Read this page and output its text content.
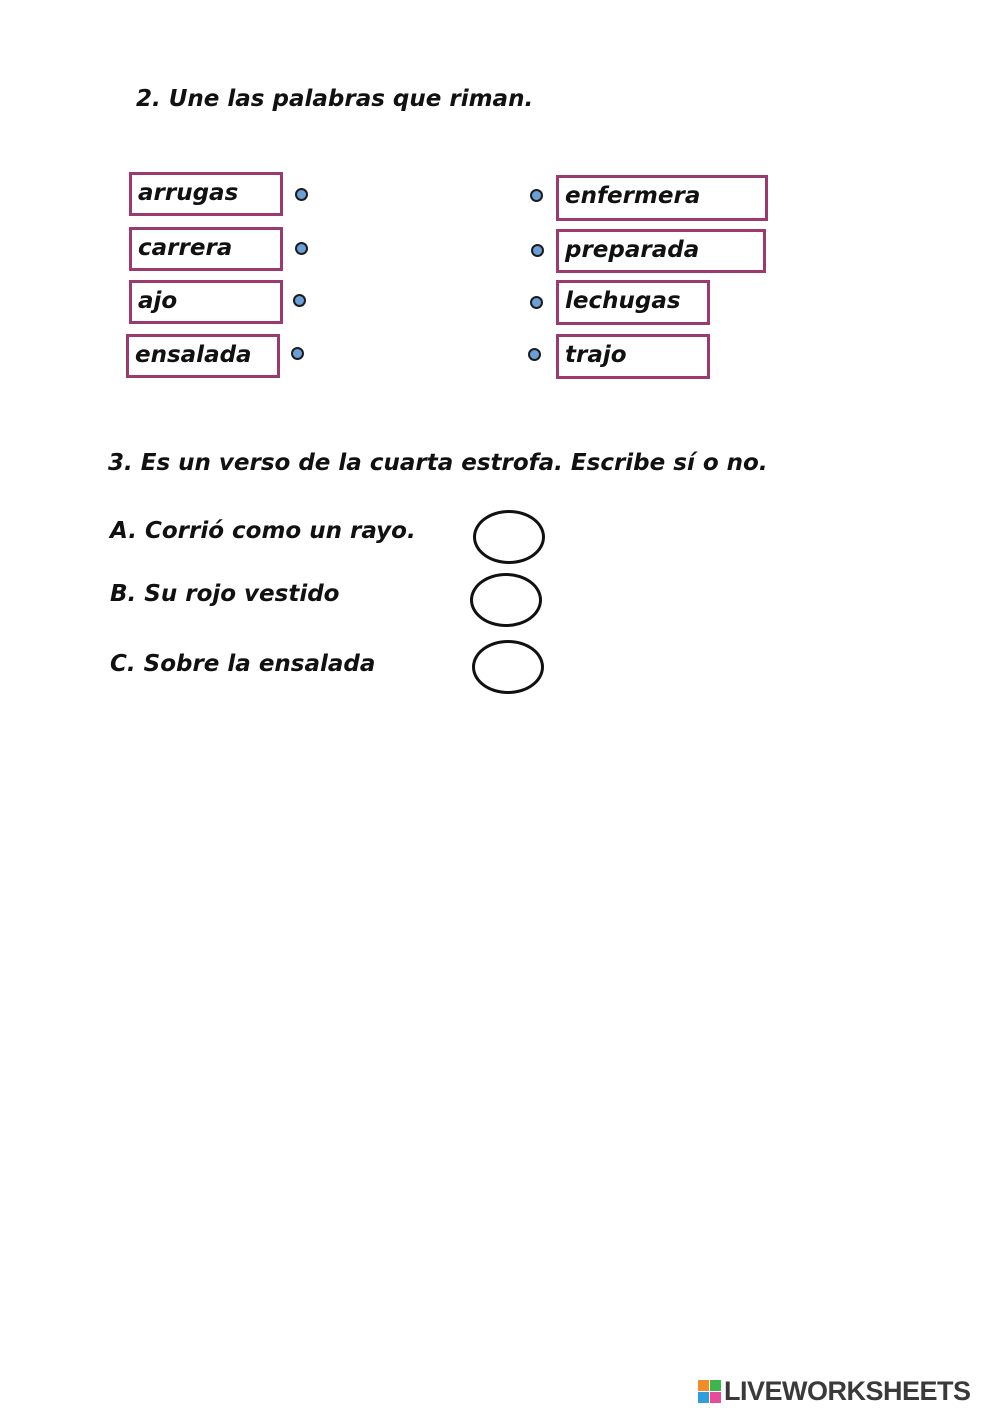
2. Une las palabras que riman.
arrugas
carrera
ajo
ensalada
enfermera
preparada
lechugas
trajo
3. Es un verso de la cuarta estrofa. Escribe sí o no.
A. Corrió como un rayo.
B. Su rojo vestido
C. Sobre la ensalada
LIVEWORKSHEETS
